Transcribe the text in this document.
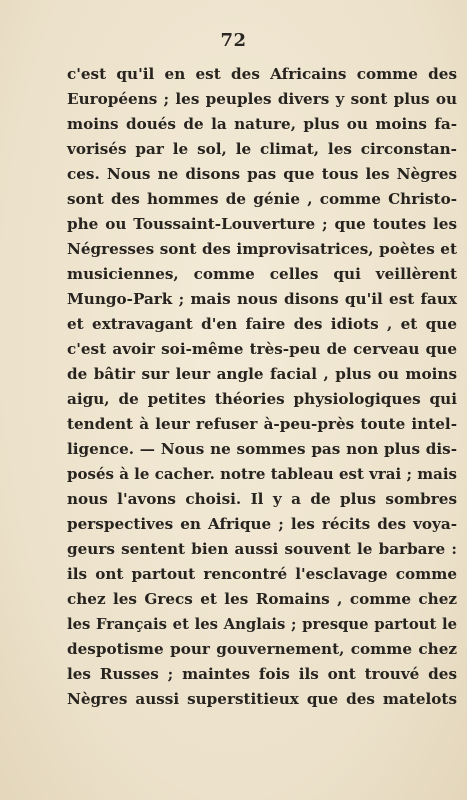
72
c'est qu'il en est des Africains comme des
Européens ; les peuples divers y sont plus ou
moins doués de la nature, plus ou moins fa-
vorisés par le sol, le climat, les circonstan-
ces. Nous ne disons pas que tous les Nègres
sont des hommes de génie , comme Christo-
phe ou Toussaint-Louverture ; que toutes les
Négresses sont des improvisatrices, poètes et
musiciennes, comme celles qui veillèrent
Mungo-Park ; mais nous disons qu'il est faux
et extravagant d'en faire des idiots , et que
c'est avoir soi-même très-peu de cerveau que
de bâtir sur leur angle facial , plus ou moins
aigu, de petites théories physiologiques qui
tendent à leur refuser à-peu-près toute intel-
ligence. — Nous ne sommes pas non plus dis-
posés à le cacher. notre tableau est vrai ; mais
nous l'avons choisi. Il y a de plus sombres
perspectives en Afrique ; les récits des voya-
geurs sentent bien aussi souvent le barbare :
ils ont partout rencontré l'esclavage comme
chez les Grecs et les Romains , comme chez
les Français et les Anglais ; presque partout le
despotisme pour gouvernement, comme chez
les Russes ; maintes fois ils ont trouvé des
Nègres aussi superstitieux que des matelots
